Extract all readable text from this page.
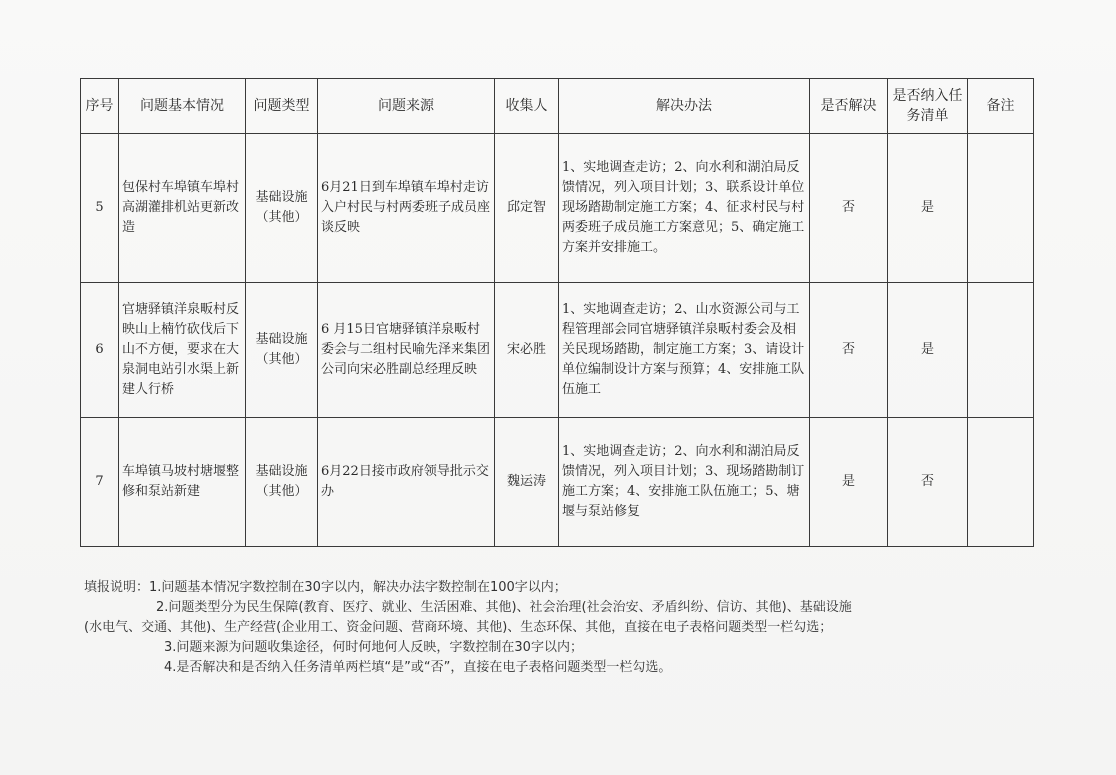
序号	问题基本情况	问题类型	问题来源	收集人	解决办法	是否解决	是否纳入任务清单	备注
5	包保村车埠镇车埠村高湖灌排机站更新改造	基础设施（其他）	6月21日到车埠镇车埠村走访入户村民与村两委班子成员座谈反映	邱定智	1、实地调查走访；2、向水利和湖泊局反馈情况，列入项目计划；3、联系设计单位现场踏勘制定施工方案；4、征求村民与村两委班子成员施工方案意见；5、确定施工方案并安排施工。	否	是	
6	官塘驿镇洋泉畈村反映山上楠竹砍伐后下山不方便，要求在大泉洞电站引水渠上新建人行桥	基础设施（其他）	6 月15日官塘驿镇洋泉畈村委会与二组村民喻先泽来集团公司向宋必胜副总经理反映	宋必胜	1、实地调查走访；2、山水资源公司与工程管理部会同官塘驿镇洋泉畈村委会及相关民现场踏勘，制定施工方案；3、请设计单位编制设计方案与预算；4、安排施工队伍施工	否	是	
7	车埠镇马坡村塘堰整修和泵站新建	基础设施（其他）	6月22日接市政府领导批示交办	魏运涛	1、实地调查走访；2、向水利和湖泊局反馈情况，列入项目计划；3、现场踏勘制订施工方案；4、安排施工队伍施工；5、塘堰与泵站修复	是	否	

填报说明：1.问题基本情况字数控制在30字以内，解决办法字数控制在100字以内；

2.问题类型分为民生保障(教育、医疗、就业、生活困难、其他)、社会治理(社会治安、矛盾纠纷、信访、其他)、基础设施

(水电气、交通、其他)、生产经营(企业用工、资金问题、营商环境、其他)、生态环保、其他，直接在电子表格问题类型一栏勾选；

3.问题来源为问题收集途径，何时何地何人反映，字数控制在30字以内；

4.是否解决和是否纳入任务清单两栏填“是”或“否”，直接在电子表格问题类型一栏勾选。
